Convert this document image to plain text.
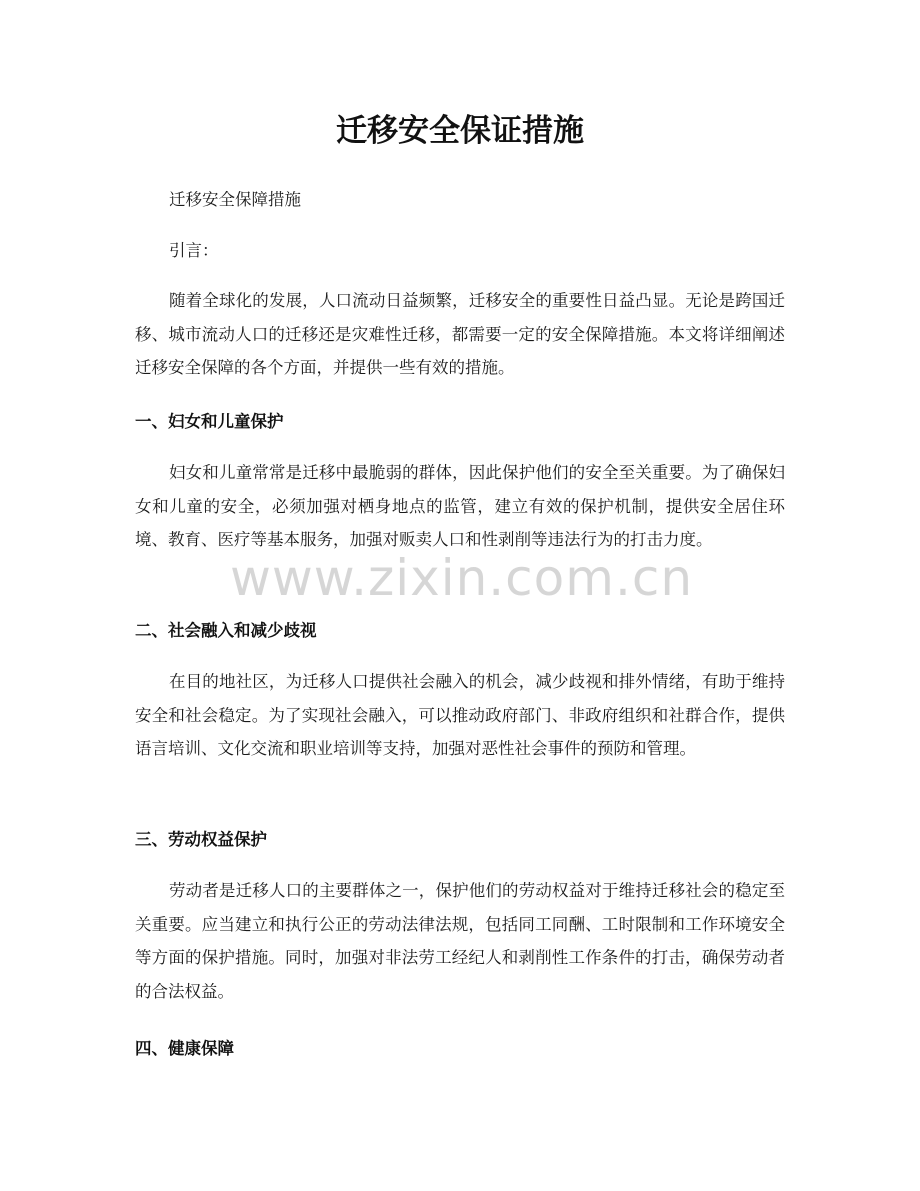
迁移安全保证措施

迁移安全保障措施

引言：

随着全球化的发展，人口流动日益频繁，迁移安全的重要性日益凸显。无论是跨国迁移、城市流动人口的迁移还是灾难性迁移，都需要一定的安全保障措施。本文将详细阐述迁移安全保障的各个方面，并提供一些有效的措施。

一、妇女和儿童保护

妇女和儿童常常是迁移中最脆弱的群体，因此保护他们的安全至关重要。为了确保妇女和儿童的安全，必须加强对栖身地点的监管，建立有效的保护机制，提供安全居住环境、教育、医疗等基本服务，加强对贩卖人口和性剥削等违法行为的打击力度。

二、社会融入和减少歧视

在目的地社区，为迁移人口提供社会融入的机会，减少歧视和排外情绪，有助于维持安全和社会稳定。为了实现社会融入，可以推动政府部门、非政府组织和社群合作，提供语言培训、文化交流和职业培训等支持，加强对恶性社会事件的预防和管理。

三、劳动权益保护

劳动者是迁移人口的主要群体之一，保护他们的劳动权益对于维持迁移社会的稳定至关重要。应当建立和执行公正的劳动法律法规，包括同工同酬、工时限制和工作环境安全等方面的保护措施。同时，加强对非法劳工经纪人和剥削性工作条件的打击，确保劳动者的合法权益。

四、健康保障
www.zixin.com.cn
